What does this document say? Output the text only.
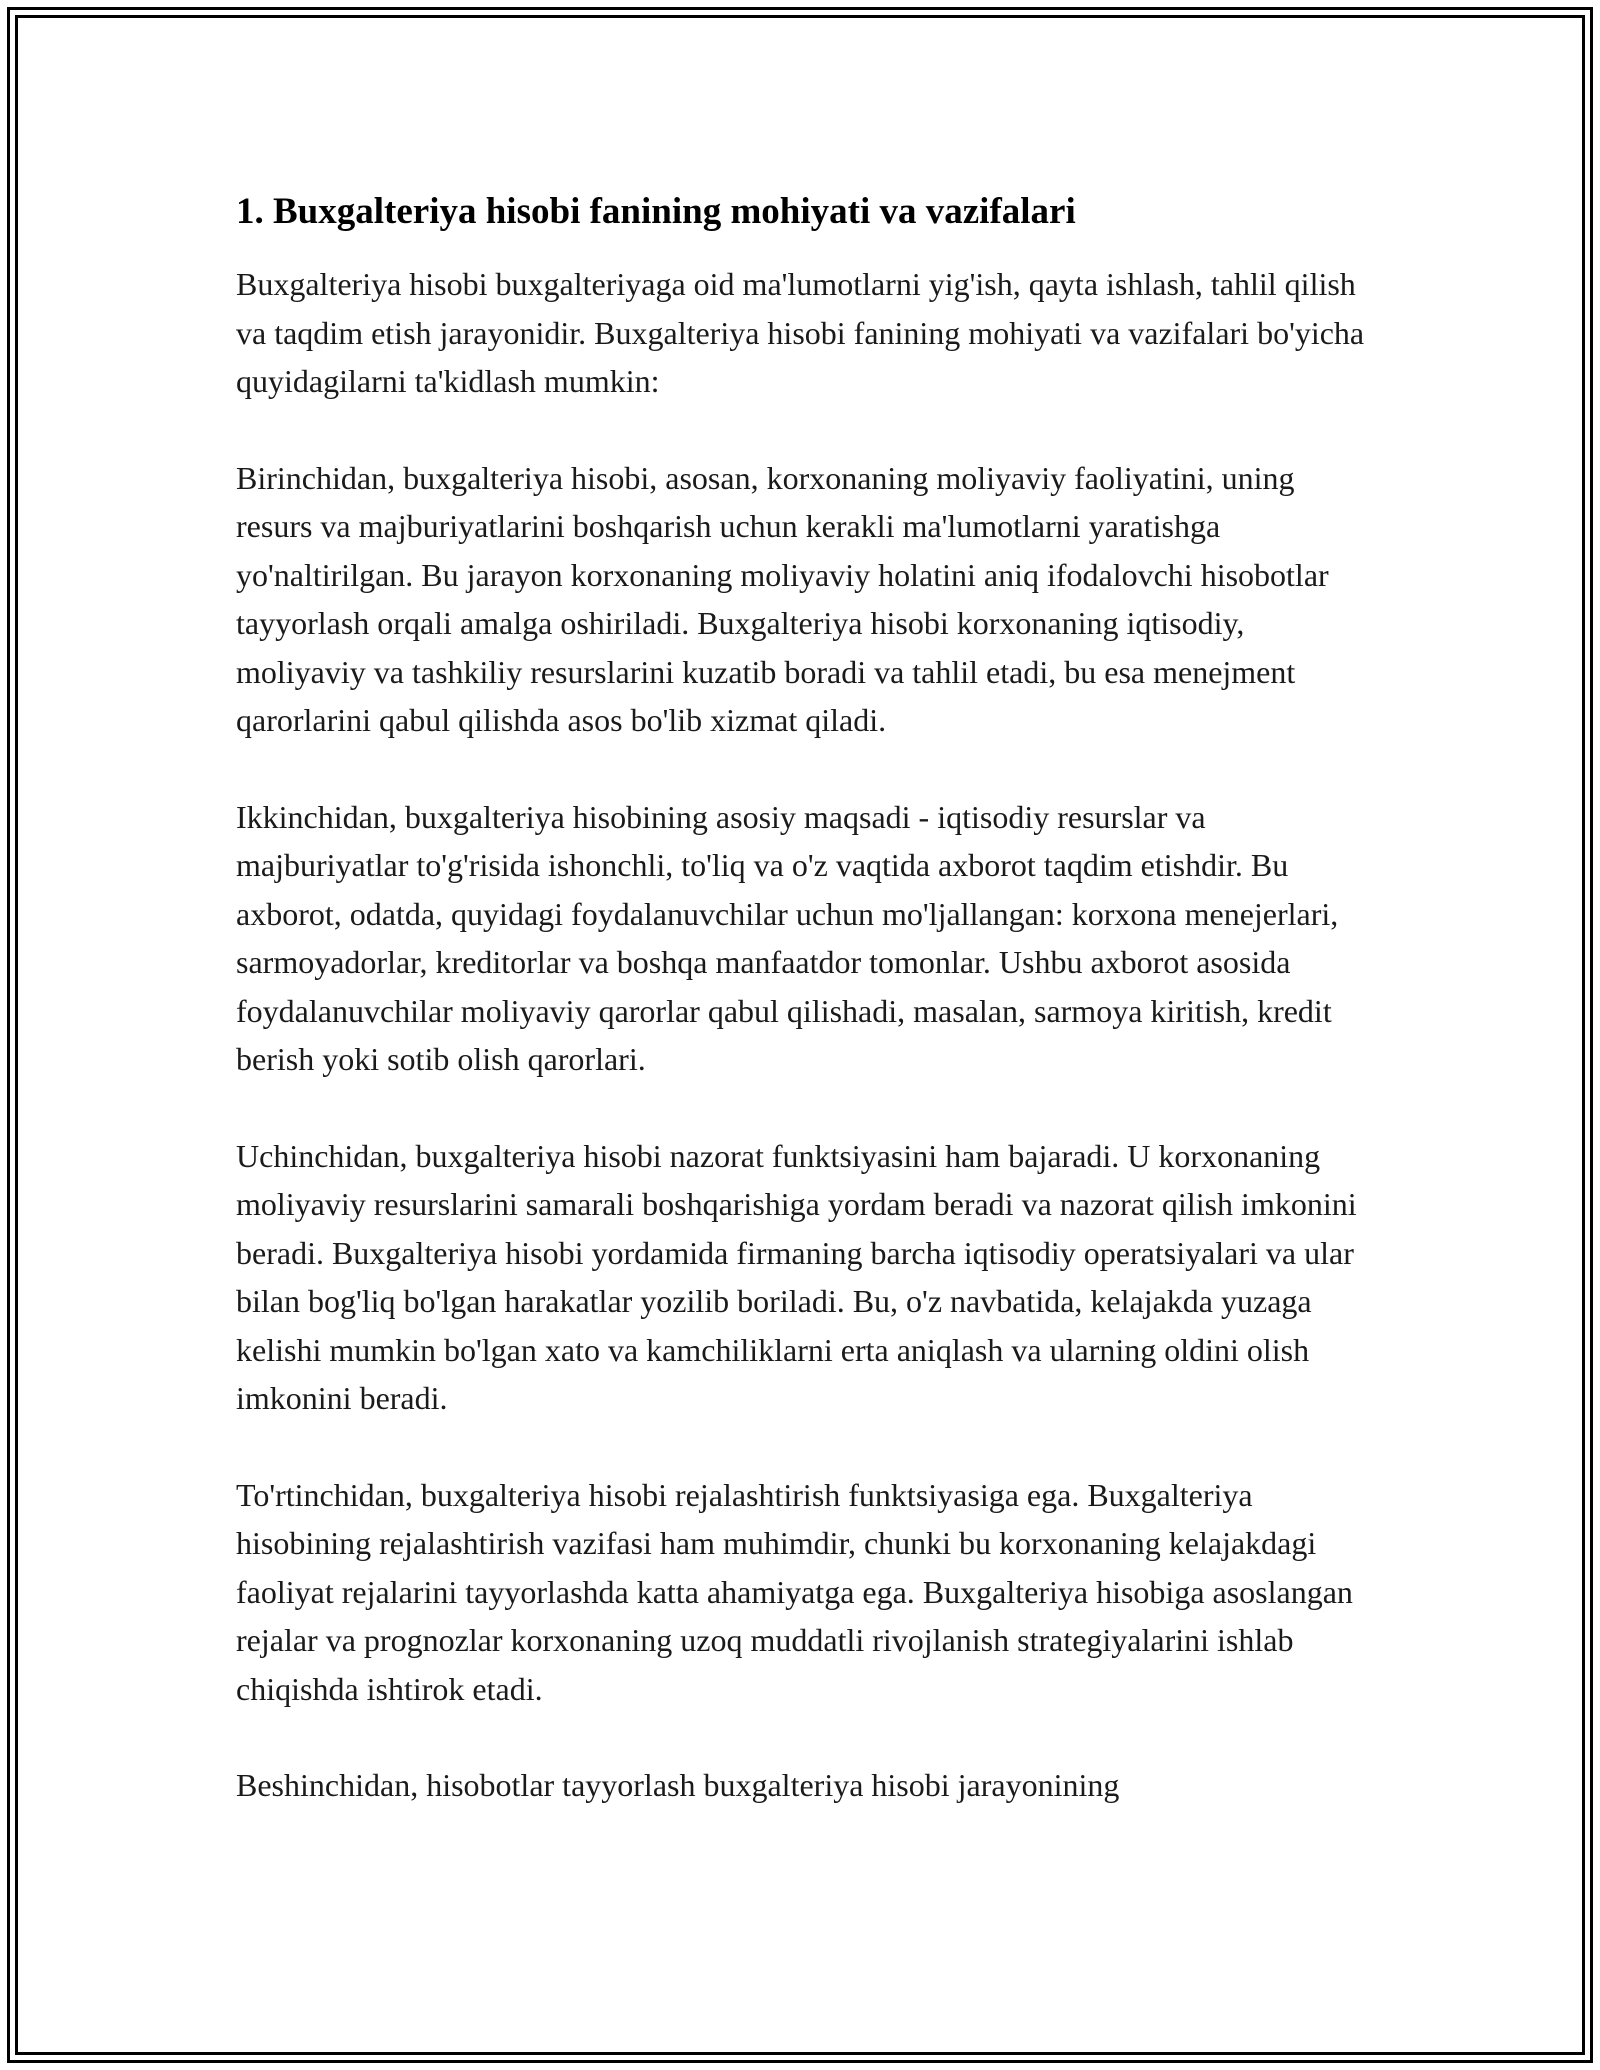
1. Buxgalteriya hisobi fanining mohiyati va vazifalari

Buxgalteriya hisobi buxgalteriyaga oid ma'lumotlarni yig'ish, qayta ishlash, tahlil qilish va taqdim etish jarayonidir. Buxgalteriya hisobi fanining mohiyati va vazifalari bo'yicha quyidagilarni ta'kidlash mumkin:

Birinchidan, buxgalteriya hisobi, asosan, korxonaning moliyaviy faoliyatini, uning resurs va majburiyatlarini boshqarish uchun kerakli ma'lumotlarni yaratishga yo'naltirilgan. Bu jarayon korxonaning moliyaviy holatini aniq ifodalovchi hisobotlar tayyorlash orqali amalga oshiriladi. Buxgalteriya hisobi korxonaning iqtisodiy, moliyaviy va tashkiliy resurslarini kuzatib boradi va tahlil etadi, bu esa menejment qarorlarini qabul qilishda asos bo'lib xizmat qiladi.

Ikkinchidan, buxgalteriya hisobining asosiy maqsadi - iqtisodiy resurslar va majburiyatlar to'g'risida ishonchli, to'liq va o'z vaqtida axborot taqdim etishdir. Bu axborot, odatda, quyidagi foydalanuvchilar uchun mo'ljallangan: korxona menejerlari, sarmoyadorlar, kreditorlar va boshqa manfaatdor tomonlar. Ushbu axborot asosida foydalanuvchilar moliyaviy qarorlar qabul qilishadi, masalan, sarmoya kiritish, kredit berish yoki sotib olish qarorlari.

Uchinchidan, buxgalteriya hisobi nazorat funktsiyasini ham bajaradi. U korxonaning moliyaviy resurslarini samarali boshqarishiga yordam beradi va nazorat qilish imkonini beradi. Buxgalteriya hisobi yordamida firmaning barcha iqtisodiy operatsiyalari va ular bilan bog'liq bo'lgan harakatlar yozilib boriladi. Bu, o'z navbatida, kelajakda yuzaga kelishi mumkin bo'lgan xato va kamchiliklarni erta aniqlash va ularning oldini olish imkonini beradi.

To'rtinchidan, buxgalteriya hisobi rejalashtirish funktsiyasiga ega. Buxgalteriya hisobining rejalashtirish vazifasi ham muhimdir, chunki bu korxonaning kelajakdagi faoliyat rejalarini tayyorlashda katta ahamiyatga ega. Buxgalteriya hisobiga asoslangan rejalar va prognozlar korxonaning uzoq muddatli rivojlanish strategiyalarini ishlab chiqishda ishtirok etadi.

Beshinchidan, hisobotlar tayyorlash buxgalteriya hisobi jarayonining
